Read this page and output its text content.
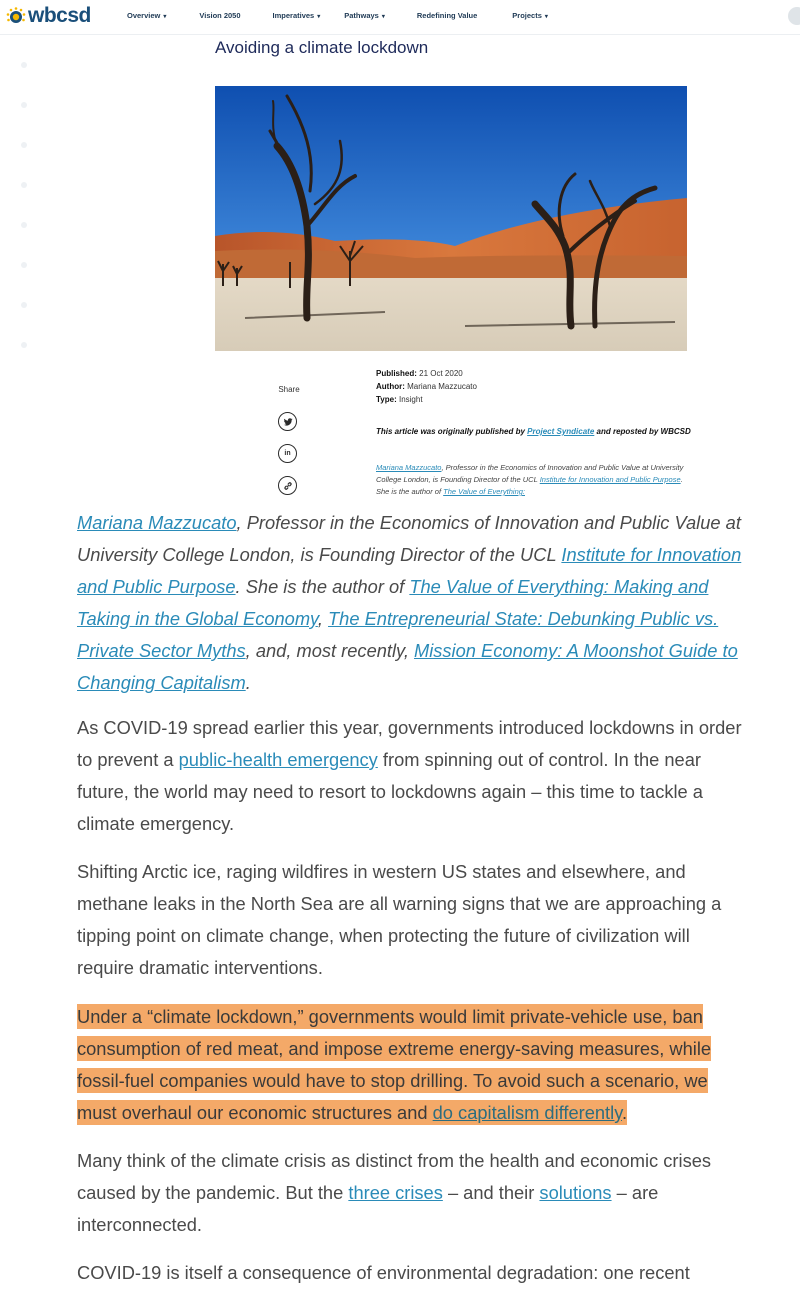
wbcsd	Overview ▾	Vision 2050	Imperatives ▾	Pathways ▾	Redefining Value	Projects ▾
Avoiding a climate lockdown
Share
in
Published: 21 Oct 2020
Author: Mariana Mazzucato
Type: Insight
This article was originally published by Project Syndicate and reposted by WBCSD
Mariana Mazzucato, Professor in the Economics of Innovation and Public Value at University College London, is Founding Director of the UCL Institute for Innovation and Public Purpose. She is the author of The Value of Everything:
Mariana Mazzucato, Professor in the Economics of Innovation and Public Value at University College London, is Founding Director of the UCL Institute for Innovation and Public Purpose. She is the author of The Value of Everything: Making and Taking in the Global Economy, The Entrepreneurial State: Debunking Public vs. Private Sector Myths, and, most recently, Mission Economy: A Moonshot Guide to Changing Capitalism.

As COVID-19 spread earlier this year, governments introduced lockdowns in order to prevent a public-health emergency from spinning out of control. In the near future, the world may need to resort to lockdowns again – this time to tackle a climate emergency.

Shifting Arctic ice, raging wildfires in western US states and elsewhere, and methane leaks in the North Sea are all warning signs that we are approaching a tipping point on climate change, when protecting the future of civilization will require dramatic interventions.

Under a “climate lockdown,” governments would limit private-vehicle use, ban consumption of red meat, and impose extreme energy-saving measures, while fossil-fuel companies would have to stop drilling. To avoid such a scenario, we must overhaul our economic structures and do capitalism differently.

Many think of the climate crisis as distinct from the health and economic crises caused by the pandemic. But the three crises – and their solutions – are interconnected.

COVID-19 is itself a consequence of environmental degradation: one recent
